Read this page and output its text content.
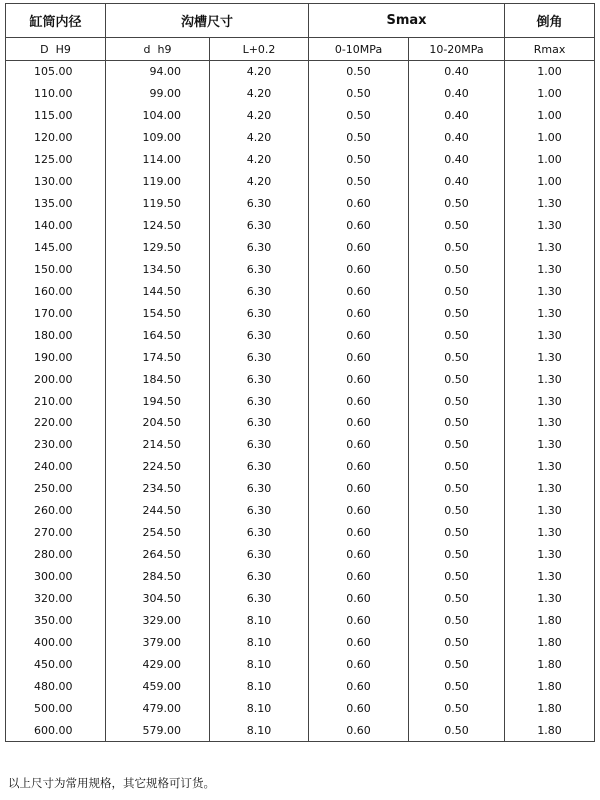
缸筒内径	沟槽尺寸		Smax		倒角
D  H9	d  h9	L+0.2	0-10MPa	10-20MPa	Rmax
105.00	94.00	4.20	0.50	0.40	1.00
110.00	99.00	4.20	0.50	0.40	1.00
115.00	104.00	4.20	0.50	0.40	1.00
120.00	109.00	4.20	0.50	0.40	1.00
125.00	114.00	4.20	0.50	0.40	1.00
130.00	119.00	4.20	0.50	0.40	1.00
135.00	119.50	6.30	0.60	0.50	1.30
140.00	124.50	6.30	0.60	0.50	1.30
145.00	129.50	6.30	0.60	0.50	1.30
150.00	134.50	6.30	0.60	0.50	1.30
160.00	144.50	6.30	0.60	0.50	1.30
170.00	154.50	6.30	0.60	0.50	1.30
180.00	164.50	6.30	0.60	0.50	1.30
190.00	174.50	6.30	0.60	0.50	1.30
200.00	184.50	6.30	0.60	0.50	1.30
210.00	194.50	6.30	0.60	0.50	1.30
220.00	204.50	6.30	0.60	0.50	1.30
230.00	214.50	6.30	0.60	0.50	1.30
240.00	224.50	6.30	0.60	0.50	1.30
250.00	234.50	6.30	0.60	0.50	1.30
260.00	244.50	6.30	0.60	0.50	1.30
270.00	254.50	6.30	0.60	0.50	1.30
280.00	264.50	6.30	0.60	0.50	1.30
300.00	284.50	6.30	0.60	0.50	1.30
320.00	304.50	6.30	0.60	0.50	1.30
350.00	329.00	8.10	0.60	0.50	1.80
400.00	379.00	8.10	0.60	0.50	1.80
450.00	429.00	8.10	0.60	0.50	1.80
480.00	459.00	8.10	0.60	0.50	1.80
500.00	479.00	8.10	0.60	0.50	1.80
600.00	579.00	8.10	0.60	0.50	1.80
以上尺寸为常用规格，其它规格可订货。
